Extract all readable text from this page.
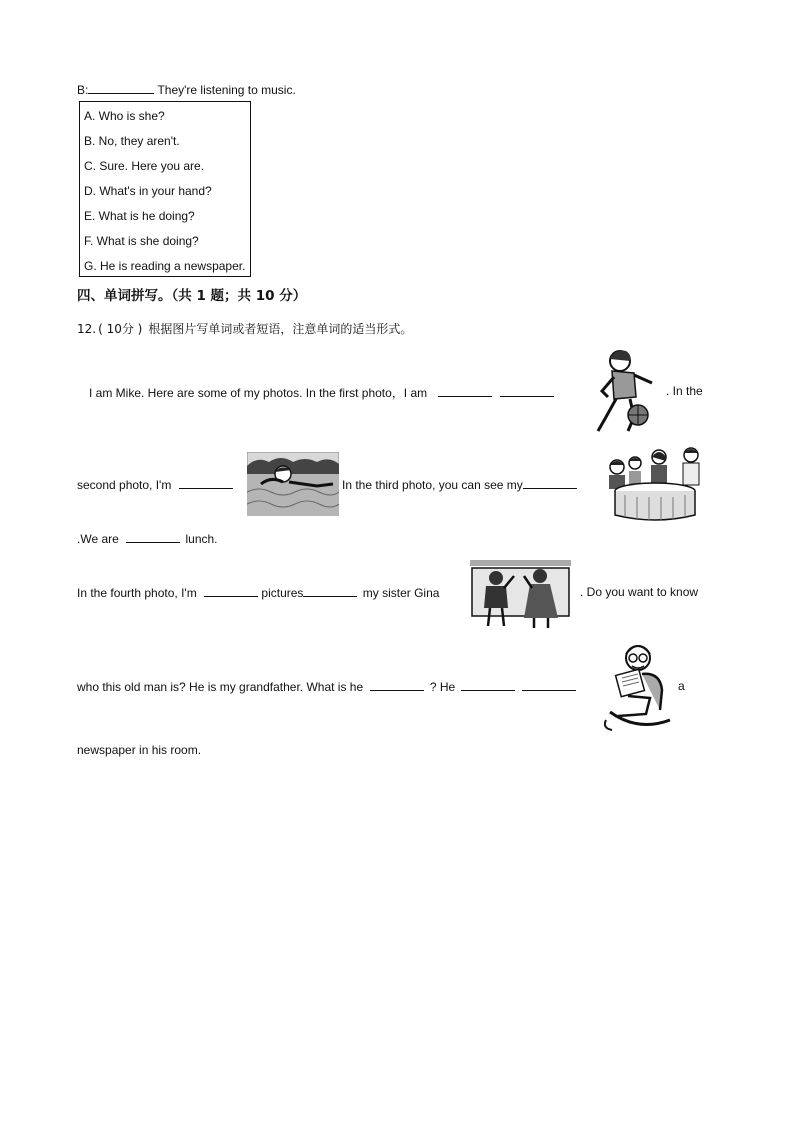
B:	They're listening to music.
A. Who is she?
B. No, they aren't.
C. Sure. Here you are.
D. What's in your hand?
E. What is he doing?
F. What is she doing?
G. He is reading a newspaper.
四、单词拼写。（共 1 题；共 10 分）
12. ( 10分 ) 根据图片写单词或者短语，注意单词的适当形式。
I am Mike. Here are some of my photos. In the first photo，I am	. In the
second photo, I'm	In the third photo, you can see my
.We are	lunch.
In the fourth photo, I'm	pictures	my sister Gina	. Do you want to know
who this old man is? He is my grandfather. What is he	? He	a
newspaper in his room.
